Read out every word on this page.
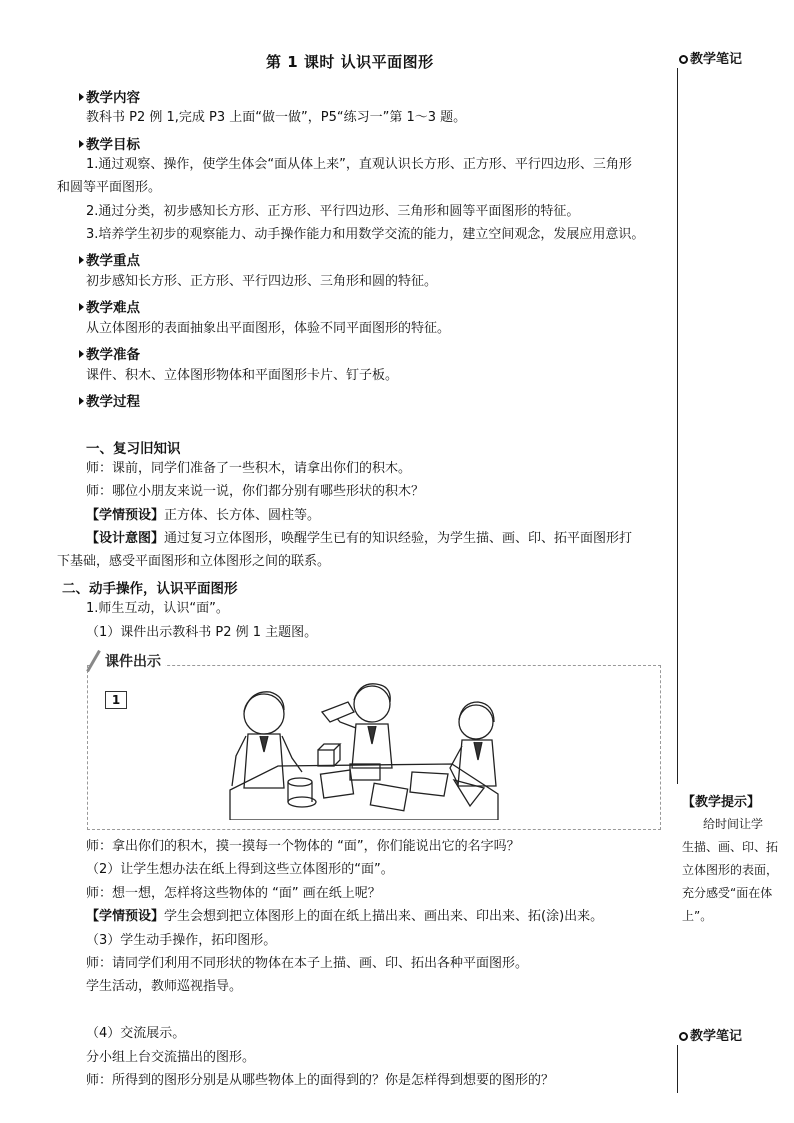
第 1 课时 认识平面图形	教学笔记
教学笔记
教学内容
教科书 P2 例 1,完成 P3 上面“做一做”，P5“练习一”第 1～3 题。
教学目标
1.通过观察、操作，使学生体会“面从体上来”，直观认识长方形、正方形、平行四边形、三角形
和圆等平面图形。
2.通过分类，初步感知长方形、正方形、平行四边形、三角形和圆等平面图形的特征。
3.培养学生初步的观察能力、动手操作能力和用数学交流的能力，建立空间观念，发展应用意识。
教学重点
初步感知长方形、正方形、平行四边形、三角形和圆的特征。
教学难点
从立体图形的表面抽象出平面图形，体验不同平面图形的特征。
教学准备
课件、积木、立体图形物体和平面图形卡片、钉子板。
教学过程
一、复习旧知识
师：课前，同学们准备了一些积木，请拿出你们的积木。
师：哪位小朋友来说一说，你们都分别有哪些形状的积木？
【学情预设】正方体、长方体、圆柱等。
【设计意图】通过复习立体图形，唤醒学生已有的知识经验，为学生描、画、印、拓平面图形打
下基础，感受平面图形和立体图形之间的联系。
二、动手操作，认识平面图形
1.师生互动，认识“面”。
（1）课件出示教科书 P2 例 1 主题图。
课件出示
1
师：拿出你们的积木，摸一摸每一个物体的 “面”，你们能说出它的名字吗？
（2）让学生想办法在纸上得到这些立体图形的“面”。
师：想一想，怎样将这些物体的 “面” 画在纸上呢？
【学情预设】学生会想到把立体图形上的面在纸上描出来、画出来、印出来、拓(涂)出来。
（3）学生动手操作，拓印图形。
师：请同学们利用不同形状的物体在本子上描、画、印、拓出各种平面图形。
学生活动，教师巡视指导。
（4）交流展示。
分小组上台交流描出的图形。
师：所得到的图形分别是从哪些物体上的面得到的？你是怎样得到想要的图形的？
【教学提示】
给时间让学
生描、画、印、拓
立体图形的表面，
充分感受“面在体
上”。
